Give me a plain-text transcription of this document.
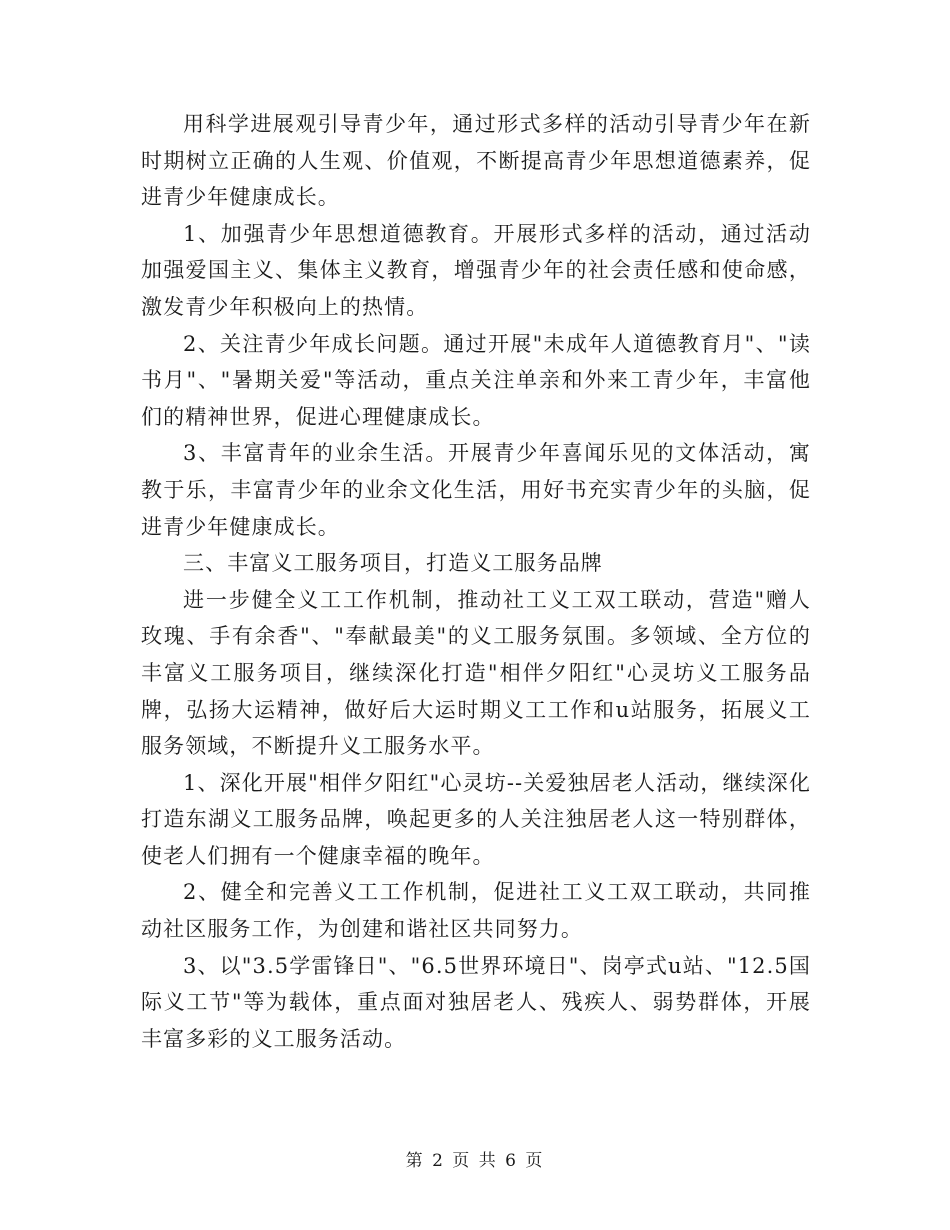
用科学进展观引导青少年，通过形式多样的活动引导青少年在新时期树立正确的人生观、价值观，不断提高青少年思想道德素养，促进青少年健康成长。

1、加强青少年思想道德教育。开展形式多样的活动，通过活动加强爱国主义、集体主义教育，增强青少年的社会责任感和使命感，激发青少年积极向上的热情。

2、关注青少年成长问题。通过开展"未成年人道德教育月"、"读书月"、"暑期关爱"等活动，重点关注单亲和外来工青少年，丰富他们的精神世界，促进心理健康成长。

3、丰富青年的业余生活。开展青少年喜闻乐见的文体活动，寓教于乐，丰富青少年的业余文化生活，用好书充实青少年的头脑，促进青少年健康成长。

三、丰富义工服务项目，打造义工服务品牌

进一步健全义工工作机制，推动社工义工双工联动，营造"赠人玫瑰、手有余香"、"奉献最美"的义工服务氛围。多领域、全方位的丰富义工服务项目，继续深化打造"相伴夕阳红"心灵坊义工服务品牌，弘扬大运精神，做好后大运时期义工工作和u站服务，拓展义工服务领域，不断提升义工服务水平。

1、深化开展"相伴夕阳红"心灵坊--关爱独居老人活动，继续深化打造东湖义工服务品牌，唤起更多的人关注独居老人这一特别群体，使老人们拥有一个健康幸福的晚年。

2、健全和完善义工工作机制，促进社工义工双工联动，共同推动社区服务工作，为创建和谐社区共同努力。

3、以"3.5学雷锋日"、"6.5世界环境日"、岗亭式u站、"12.5国际义工节"等为载体，重点面对独居老人、残疾人、弱势群体，开展丰富多彩的义工服务活动。

第 2 页 共 6 页
